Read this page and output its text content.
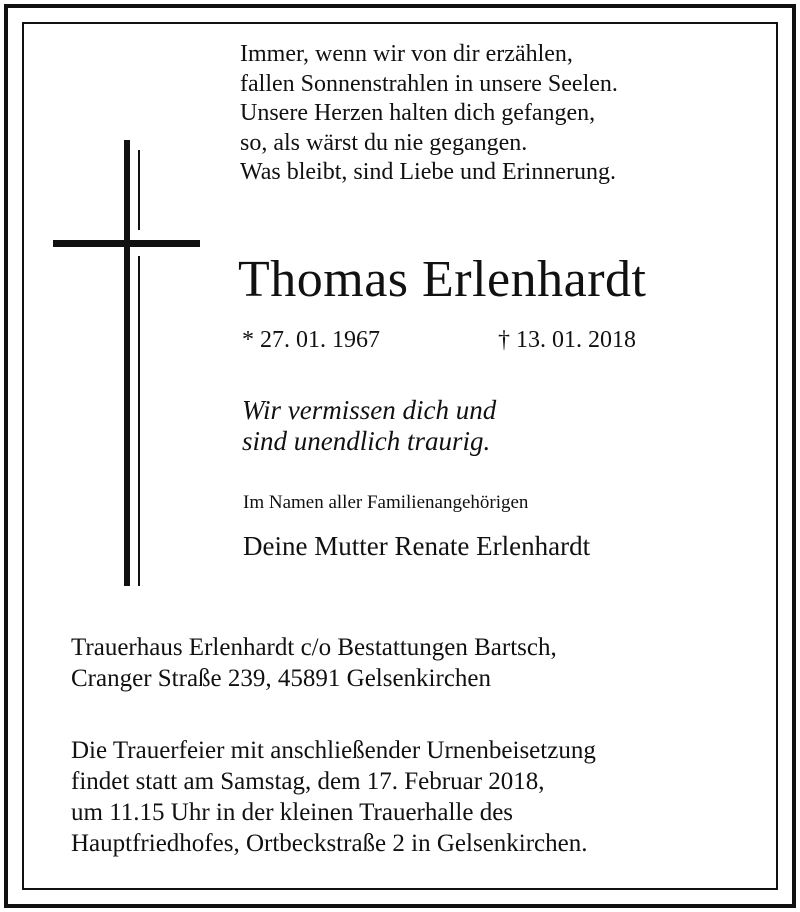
Immer, wenn wir von dir erzählen,
fallen Sonnenstrahlen in unsere Seelen.
Unsere Herzen halten dich gefangen,
so, als wärst du nie gegangen.
Was bleibt, sind Liebe und Erinnerung.
Thomas Erlenhardt
* 27. 01. 1967	† 13. 01. 2018
Wir vermissen dich und
sind unendlich traurig.
Im Namen aller Familienangehörigen
Deine Mutter Renate Erlenhardt
Trauerhaus Erlenhardt c/o Bestattungen Bartsch,
Cranger Straße 239, 45891 Gelsenkirchen
Die Trauerfeier mit anschließender Urnenbeisetzung
findet statt am Samstag, dem 17. Februar 2018,
um 11.15 Uhr in der kleinen Trauerhalle des
Hauptfriedhofes, Ortbeckstraße 2 in Gelsenkirchen.
